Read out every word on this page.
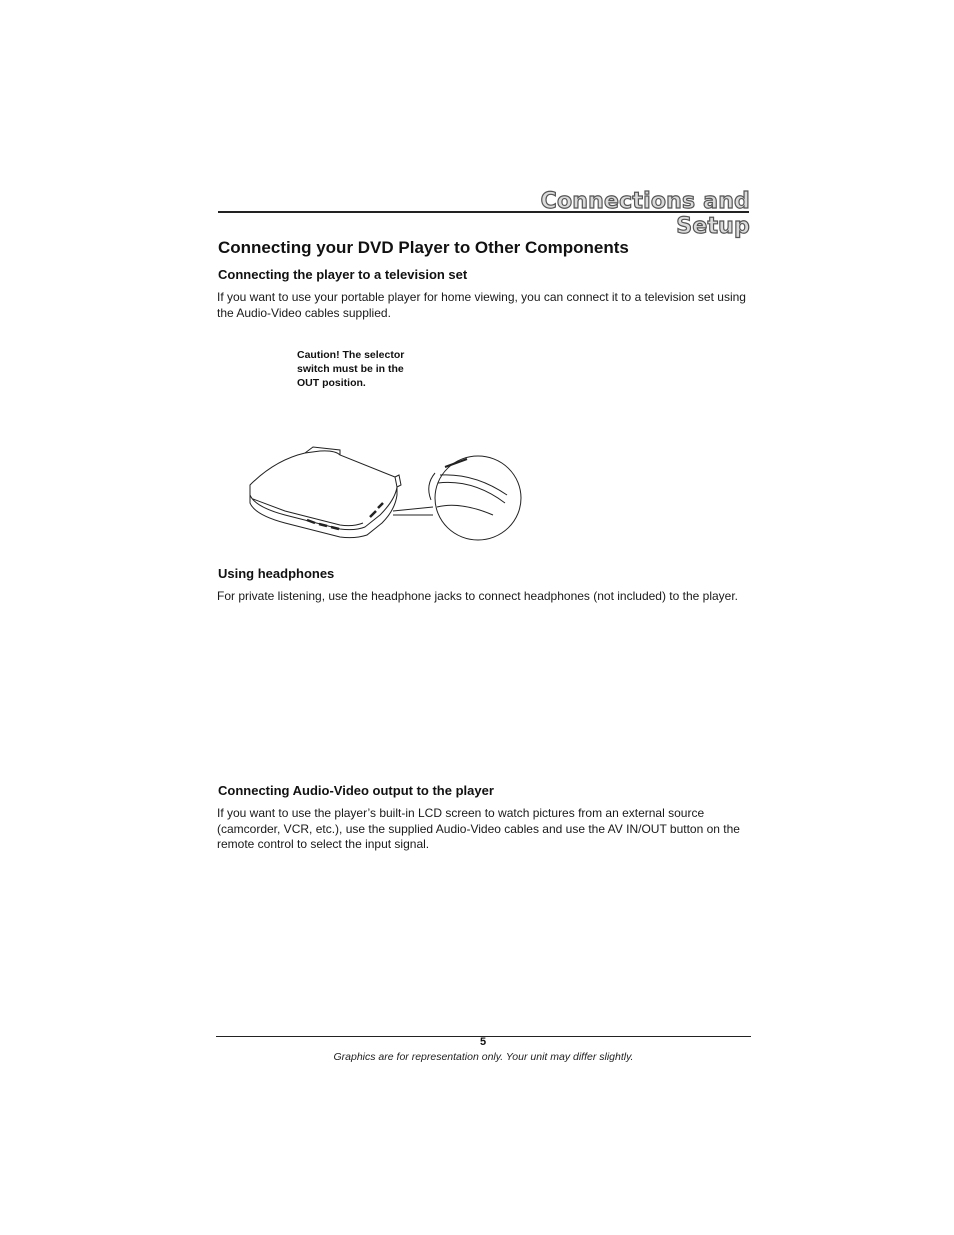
Connections and Setup
Connecting your DVD Player to Other Components
Connecting the player to a television set
If you want to use your portable player for home viewing, you can connect it to a television set using the Audio-Video cables supplied.
Caution! The selector switch must be in the OUT position.
Using headphones
For private listening, use the headphone jacks to connect headphones (not included) to the player.
Connecting Audio-Video output to the player
If you want to use the player’s built-in LCD screen to watch pictures from an external source (camcorder, VCR, etc.), use the supplied Audio-Video cables and use the AV IN/OUT button on the remote control to select the input signal.
5
Graphics are for representation only. Your unit may differ slightly.
